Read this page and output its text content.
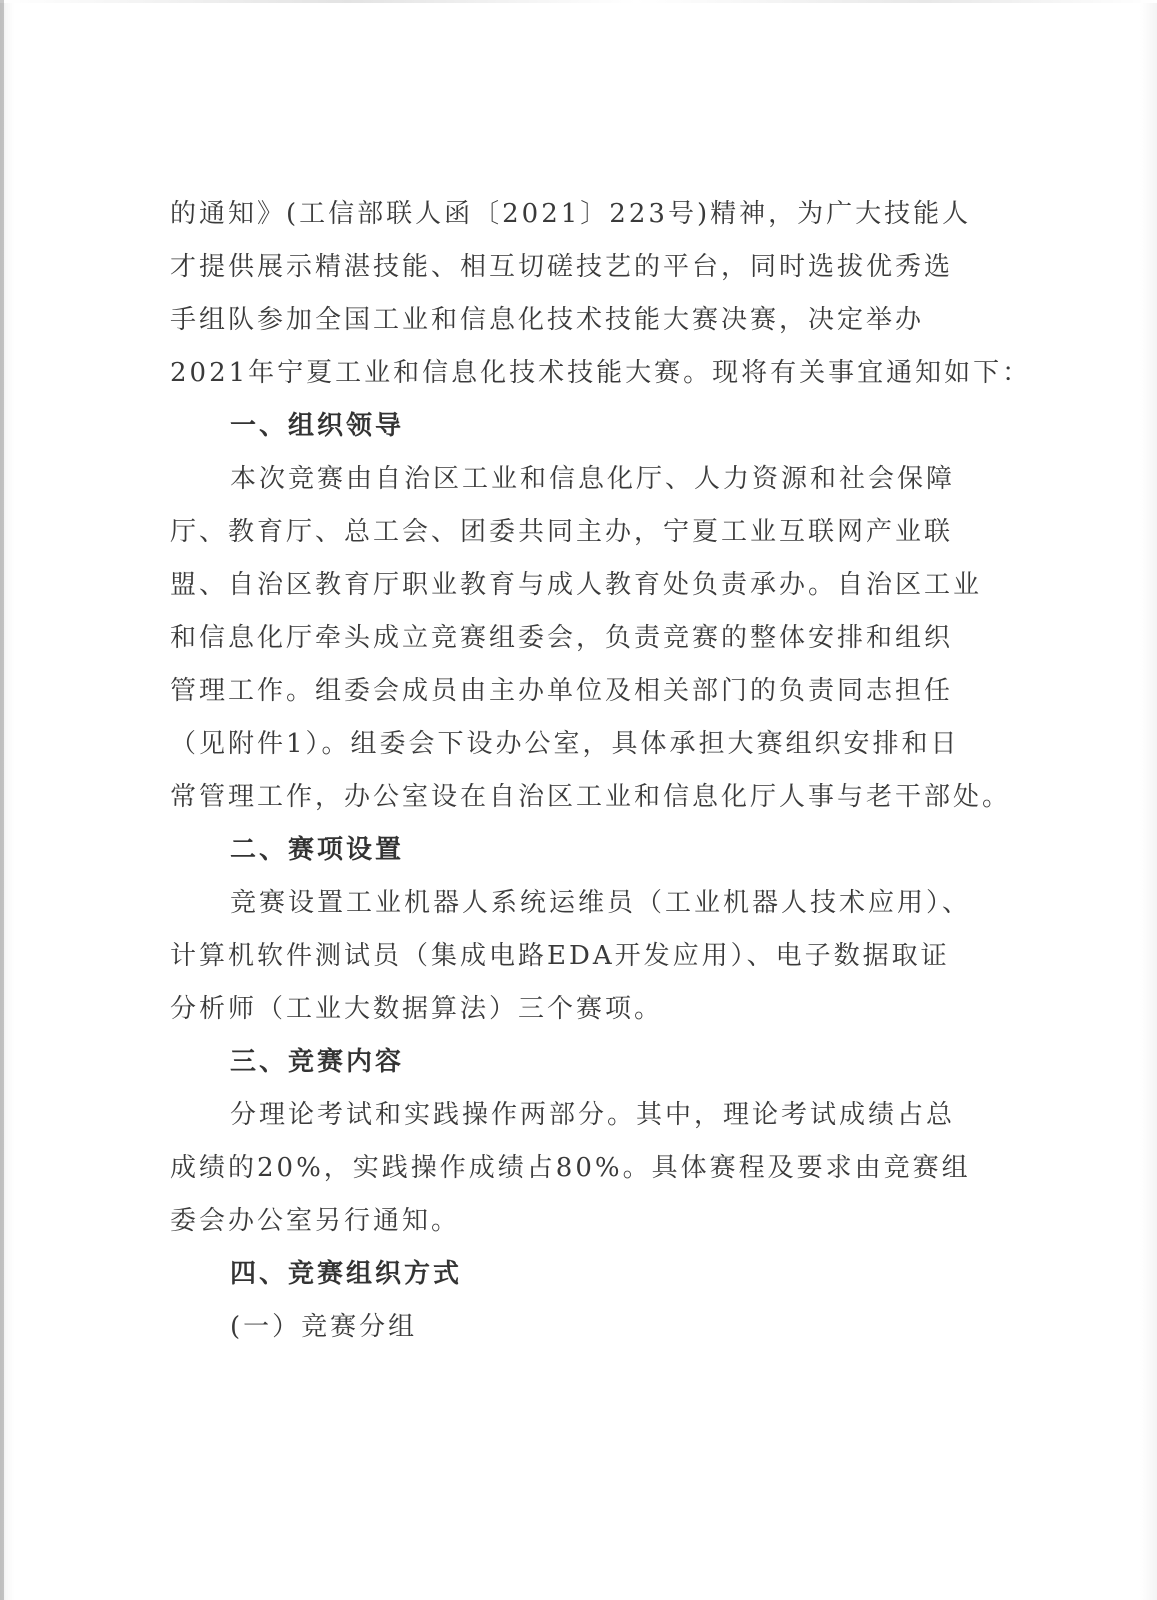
的通知》(工信部联人函〔2021〕223号)精神，为广大技能人

才提供展示精湛技能、相互切磋技艺的平台，同时选拔优秀选

手组队参加全国工业和信息化技术技能大赛决赛，决定举办

2021年宁夏工业和信息化技术技能大赛。现将有关事宜通知如下：

一、组织领导

本次竞赛由自治区工业和信息化厅、人力资源和社会保障

厅、教育厅、总工会、团委共同主办，宁夏工业互联网产业联

盟、自治区教育厅职业教育与成人教育处负责承办。自治区工业

和信息化厅牵头成立竞赛组委会，负责竞赛的整体安排和组织

管理工作。组委会成员由主办单位及相关部门的负责同志担任

（见附件1）。组委会下设办公室，具体承担大赛组织安排和日

常管理工作，办公室设在自治区工业和信息化厅人事与老干部处。

二、赛项设置

竞赛设置工业机器人系统运维员（工业机器人技术应用）、

计算机软件测试员（集成电路EDA开发应用）、电子数据取证

分析师（工业大数据算法）三个赛项。

三、竞赛内容

分理论考试和实践操作两部分。其中，理论考试成绩占总

成绩的20%，实践操作成绩占80%。具体赛程及要求由竞赛组

委会办公室另行通知。

四、竞赛组织方式

(一）竞赛分组
